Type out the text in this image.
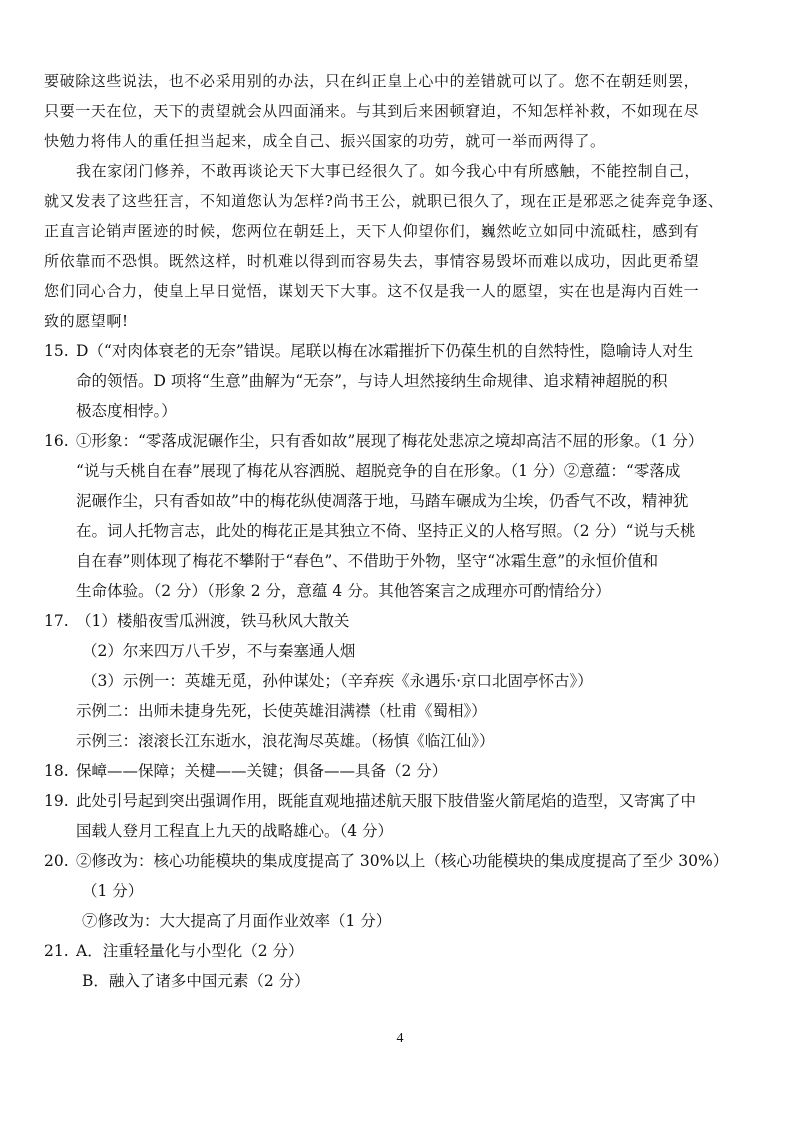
要破除这些说法，也不必采用别的办法，只在纠正皇上心中的差错就可以了。您不在朝廷则罢，
只要一天在位，天下的责望就会从四面涌来。与其到后来困顿窘迫，不知怎样补救，不如现在尽
快勉力将伟人的重任担当起来，成全自己、振兴国家的功劳，就可一举而两得了。
我在家闭门修养，不敢再谈论天下大事已经很久了。如今我心中有所感触，不能控制自己，
就又发表了这些狂言，不知道您认为怎样?尚书王公，就职已很久了，现在正是邪恶之徒奔竞争逐、
正直言论销声匿迹的时候，您两位在朝廷上，天下人仰望你们，巍然屹立如同中流砥柱，感到有
所依靠而不恐惧。既然这样，时机难以得到而容易失去，事情容易毁坏而难以成功，因此更希望
您们同心合力，使皇上早日觉悟，谋划天下大事。这不仅是我一人的愿望，实在也是海内百姓一
致的愿望啊!
15. D（“对肉体衰老的无奈”错误。尾联以梅在冰霜摧折下仍葆生机的自然特性，隐喻诗人对生
命的领悟。D 项将“生意”曲解为“无奈”，与诗人坦然接纳生命规律、追求精神超脱的积
极态度相悖。）
16. ①形象：“零落成泥碾作尘，只有香如故”展现了梅花处悲凉之境却高洁不屈的形象。（1 分）
“说与夭桃自在春”展现了梅花从容洒脱、超脱竞争的自在形象。（1 分）②意蕴：“零落成
泥碾作尘，只有香如故”中的梅花纵使凋落于地，马踏车碾成为尘埃，仍香气不改，精神犹
在。词人托物言志，此处的梅花正是其独立不倚、坚持正义的人格写照。（2 分）“说与夭桃
自在春”则体现了梅花不攀附于“春色”、不借助于外物，坚守“冰霜生意”的永恒价值和
生命体验。（2 分）（形象 2 分，意蕴 4 分。其他答案言之成理亦可酌情给分）
17. （1）楼船夜雪瓜洲渡，铁马秋风大散关
（2）尔来四万八千岁，不与秦塞通人烟
（3）示例一：英雄无觅，孙仲谋处；（辛弃疾《永遇乐·京口北固亭怀古》）
示例二：出师未捷身先死，长使英雄泪满襟（杜甫《蜀相》）
示例三：滚滚长江东逝水，浪花淘尽英雄。（杨慎《临江仙》）
18. 保嶂——保障；关楗——关键；俱备——具备（2 分）
19. 此处引号起到突出强调作用，既能直观地描述航天服下肢借鉴火箭尾焰的造型，又寄寓了中
国载人登月工程直上九天的战略雄心。（4 分）
20. ②修改为：核心功能模块的集成度提高了 30%以上（核心功能模块的集成度提高了至少 30%）
（1 分）
⑦修改为：大大提高了月面作业效率（1 分）
21. A．注重轻量化与小型化（2 分）
B．融入了诸多中国元素（2 分）
4
